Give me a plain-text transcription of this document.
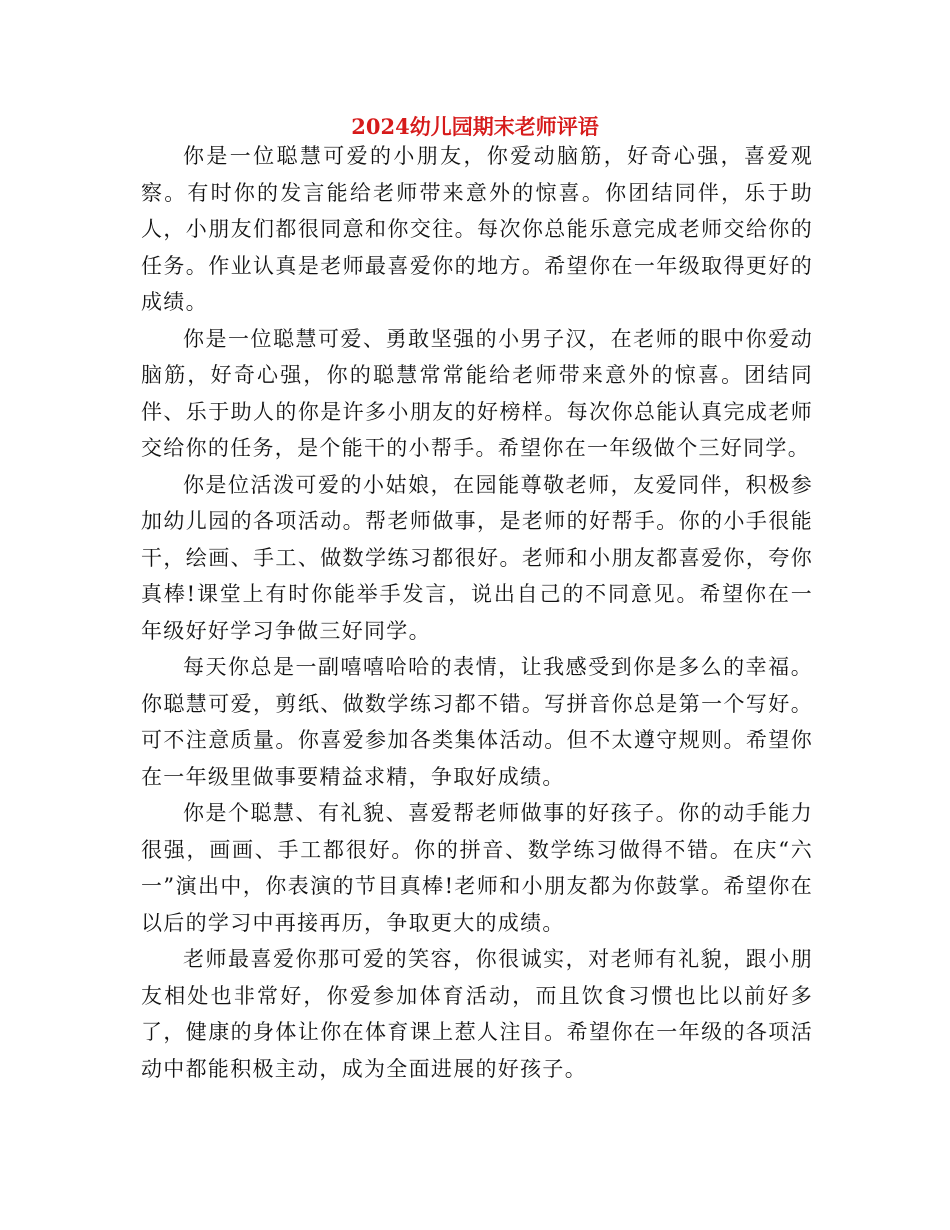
2024幼儿园期末老师评语

你是一位聪慧可爱的小朋友，你爱动脑筋，好奇心强，喜爱观察。有时你的发言能给老师带来意外的惊喜。你团结同伴，乐于助人，小朋友们都很同意和你交往。每次你总能乐意完成老师交给你的任务。作业认真是老师最喜爱你的地方。希望你在一年级取得更好的成绩。

你是一位聪慧可爱、勇敢坚强的小男子汉，在老师的眼中你爱动脑筋，好奇心强，你的聪慧常常能给老师带来意外的惊喜。团结同伴、乐于助人的你是许多小朋友的好榜样。每次你总能认真完成老师交给你的任务，是个能干的小帮手。希望你在一年级做个三好同学。

你是位活泼可爱的小姑娘，在园能尊敬老师，友爱同伴，积极参加幼儿园的各项活动。帮老师做事，是老师的好帮手。你的小手很能干，绘画、手工、做数学练习都很好。老师和小朋友都喜爱你，夸你真棒!课堂上有时你能举手发言，说出自己的不同意见。希望你在一年级好好学习争做三好同学。

每天你总是一副嘻嘻哈哈的表情，让我感受到你是多么的幸福。你聪慧可爱，剪纸、做数学练习都不错。写拼音你总是第一个写好。可不注意质量。你喜爱参加各类集体活动。但不太遵守规则。希望你在一年级里做事要精益求精，争取好成绩。

你是个聪慧、有礼貌、喜爱帮老师做事的好孩子。你的动手能力很强，画画、手工都很好。你的拼音、数学练习做得不错。在庆“六一”演出中，你表演的节目真棒!老师和小朋友都为你鼓掌。希望你在以后的学习中再接再历，争取更大的成绩。

老师最喜爱你那可爱的笑容，你很诚实，对老师有礼貌，跟小朋友相处也非常好，你爱参加体育活动，而且饮食习惯也比以前好多了，健康的身体让你在体育课上惹人注目。希望你在一年级的各项活动中都能积极主动，成为全面进展的好孩子。
